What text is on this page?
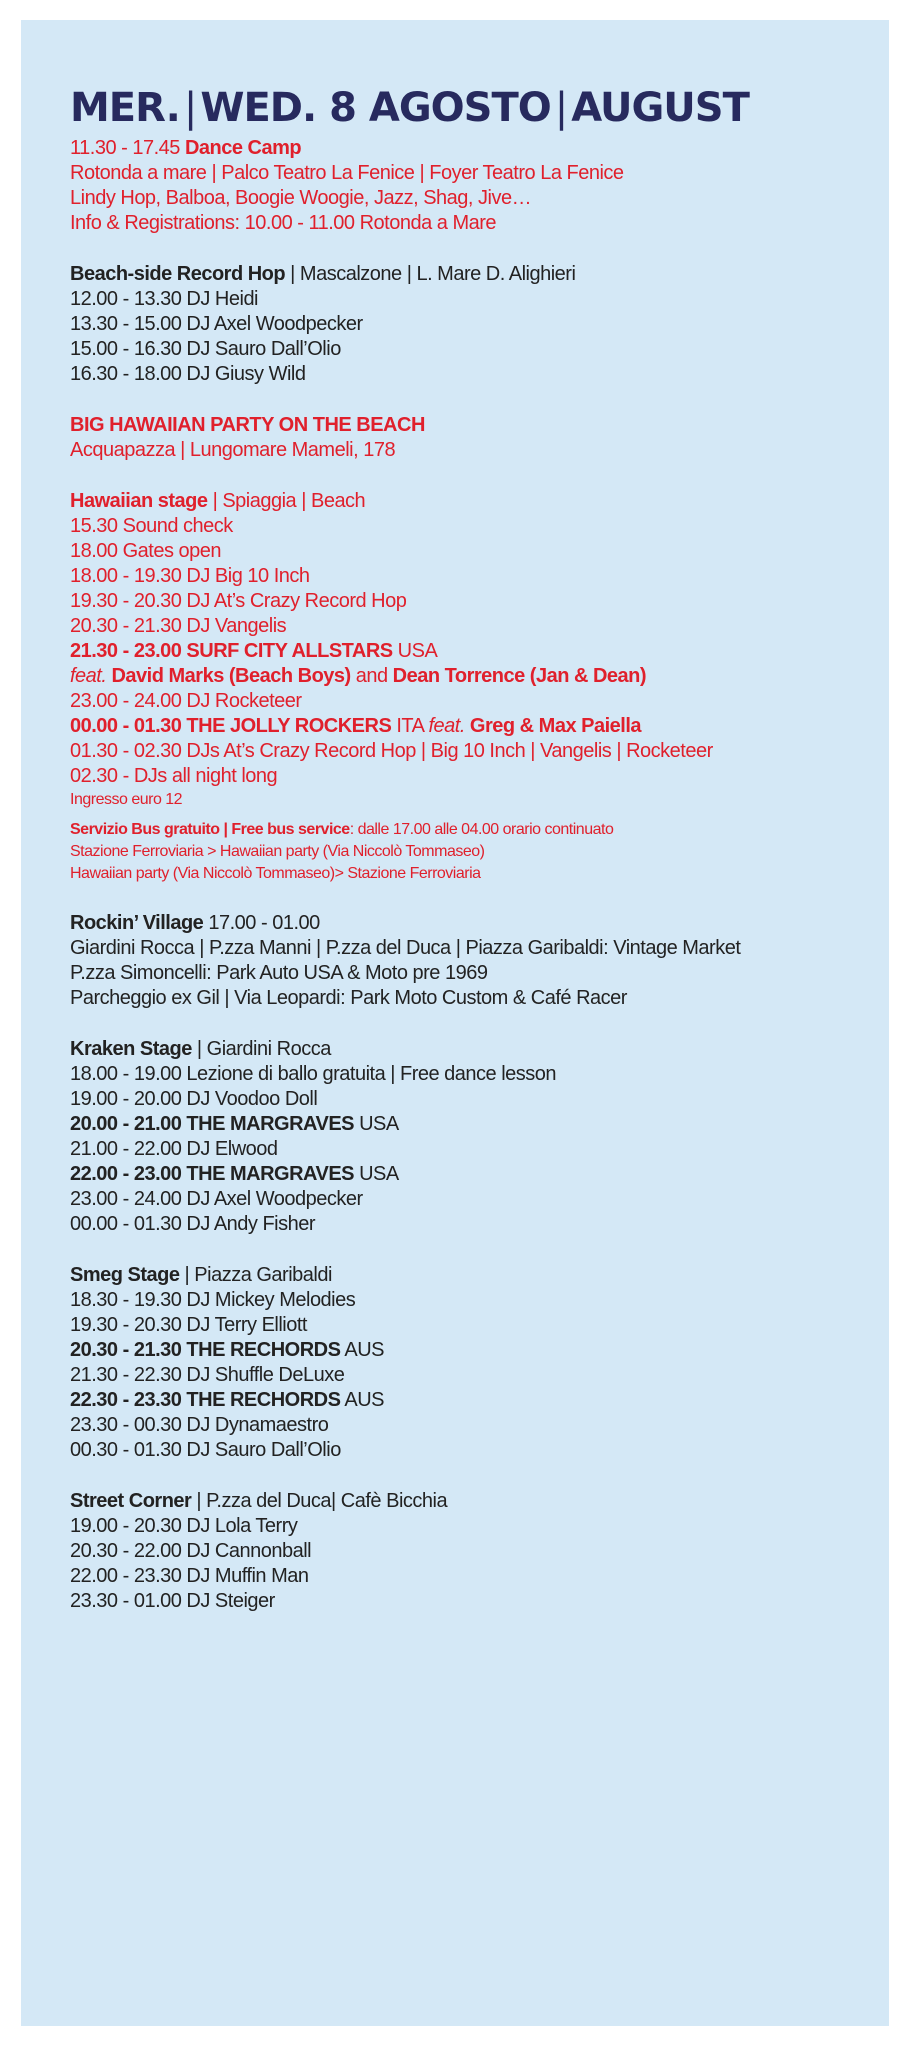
MER. | WED. 8 AGOSTO | AUGUST
11.30 - 17.45 Dance Camp
Rotonda a mare | Palco Teatro La Fenice | Foyer Teatro La Fenice
Lindy Hop, Balboa, Boogie Woogie, Jazz, Shag, Jive…
Info & Registrations: 10.00 - 11.00 Rotonda a Mare
Beach-side Record Hop | Mascalzone | L. Mare D. Alighieri
12.00 - 13.30 DJ Heidi
13.30 - 15.00 DJ Axel Woodpecker
15.00 - 16.30 DJ Sauro Dall’Olio
16.30 - 18.00 DJ Giusy Wild
BIG HAWAIIAN PARTY ON THE BEACH
Acquapazza | Lungomare Mameli, 178
Hawaiian stage | Spiaggia | Beach
15.30 Sound check
18.00 Gates open
18.00 - 19.30 DJ Big 10 Inch
19.30 - 20.30 DJ At’s Crazy Record Hop
20.30 - 21.30 DJ Vangelis
21.30 - 23.00 SURF CITY ALLSTARS USA
feat. David Marks (Beach Boys) and Dean Torrence (Jan & Dean)
23.00 - 24.00 DJ Rocketeer
00.00 - 01.30 THE JOLLY ROCKERS ITA feat. Greg & Max Paiella
01.30 - 02.30 DJs At’s Crazy Record Hop | Big 10 Inch | Vangelis | Rocketeer
02.30 - DJs all night long
Ingresso euro 12
Servizio Bus gratuito | Free bus service: dalle 17.00 alle 04.00 orario continuato
Stazione Ferroviaria > Hawaiian party (Via Niccolò Tommaseo)
Hawaiian party (Via Niccolò Tommaseo)> Stazione Ferroviaria
Rockin’ Village 17.00 - 01.00
Giardini Rocca | P.zza Manni | P.zza del Duca | Piazza Garibaldi: Vintage Market
P.zza Simoncelli: Park Auto USA & Moto pre 1969
Parcheggio ex Gil | Via Leopardi: Park Moto Custom & Café Racer
Kraken Stage | Giardini Rocca
18.00 - 19.00 Lezione di ballo gratuita | Free dance lesson
19.00 - 20.00 DJ Voodoo Doll
20.00 - 21.00 THE MARGRAVES USA
21.00 - 22.00 DJ Elwood
22.00 - 23.00 THE MARGRAVES USA
23.00 - 24.00 DJ Axel Woodpecker
00.00 - 01.30 DJ Andy Fisher
Smeg Stage | Piazza Garibaldi
18.30 - 19.30 DJ Mickey Melodies
19.30 - 20.30 DJ Terry Elliott
20.30 - 21.30 THE RECHORDS AUS
21.30 - 22.30 DJ Shuffle DeLuxe
22.30 - 23.30 THE RECHORDS AUS
23.30 - 00.30 DJ Dynamaestro
00.30 - 01.30 DJ Sauro Dall’Olio
Street Corner | P.zza del Duca| Cafè Bicchia
19.00 - 20.30 DJ Lola Terry
20.30 - 22.00 DJ Cannonball
22.00 - 23.30 DJ Muffin Man
23.30 - 01.00 DJ Steiger
